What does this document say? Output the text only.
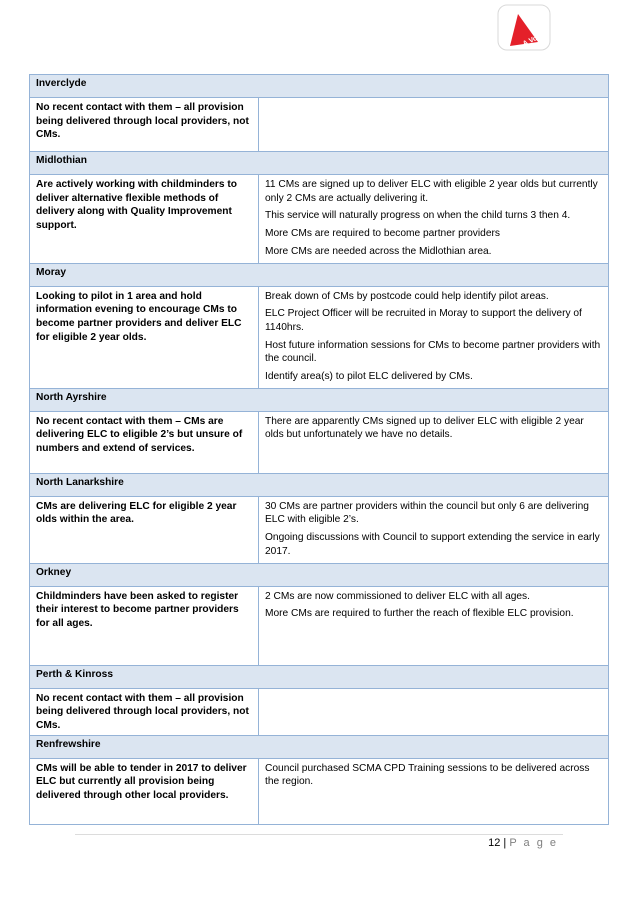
A Voice
Inverclyde	
No recent contact with them – all provision being delivered through local providers, not CMs.	
Midlothian	
Are actively working with childminders to deliver alternative flexible methods of delivery along with Quality Improvement support.	11 CMs are signed up to deliver ELC with eligible 2 year olds but currently only 2 CMs are actually delivering it.

This service will naturally progress on when the child turns 3 then 4.

More CMs are required to become partner providers

More CMs are needed across the Midlothian area.

Moray	
Looking to pilot in 1 area and hold information evening to encourage CMs to become partner providers and deliver ELC for eligible 2 year olds.	Break down of CMs by postcode could help identify pilot areas.

ELC Project Officer will be recruited in Moray to support the delivery of 1140hrs.

Host future information sessions for CMs to become partner providers with the council.

Identify area(s) to pilot ELC delivered by CMs.

North Ayrshire	
No recent contact with them – CMs are delivering ELC to eligible 2’s but unsure of numbers and extend of services.	There are apparently CMs signed up to deliver ELC with eligible 2 year olds but unfortunately we have no details.

North Lanarkshire	
CMs are delivering ELC for eligible 2 year olds within the area.	30 CMs are partner providers within the council but only 6 are delivering ELC with eligible 2’s.

Ongoing discussions with Council to support extending the service in early 2017.

Orkney	
Childminders have been asked to register their interest to become partner providers for all ages.	2 CMs are now commissioned to deliver ELC with all ages.

More CMs are required to further the reach of flexible ELC provision.

Perth & Kinross	
No recent contact with them – all provision being delivered through local providers, not CMs.	
Renfrewshire	
CMs will be able to tender in 2017 to deliver ELC but currently all provision being delivered through other local providers.	Council purchased SCMA CPD Training sessions to be delivered across the region.

12 | P a g e
